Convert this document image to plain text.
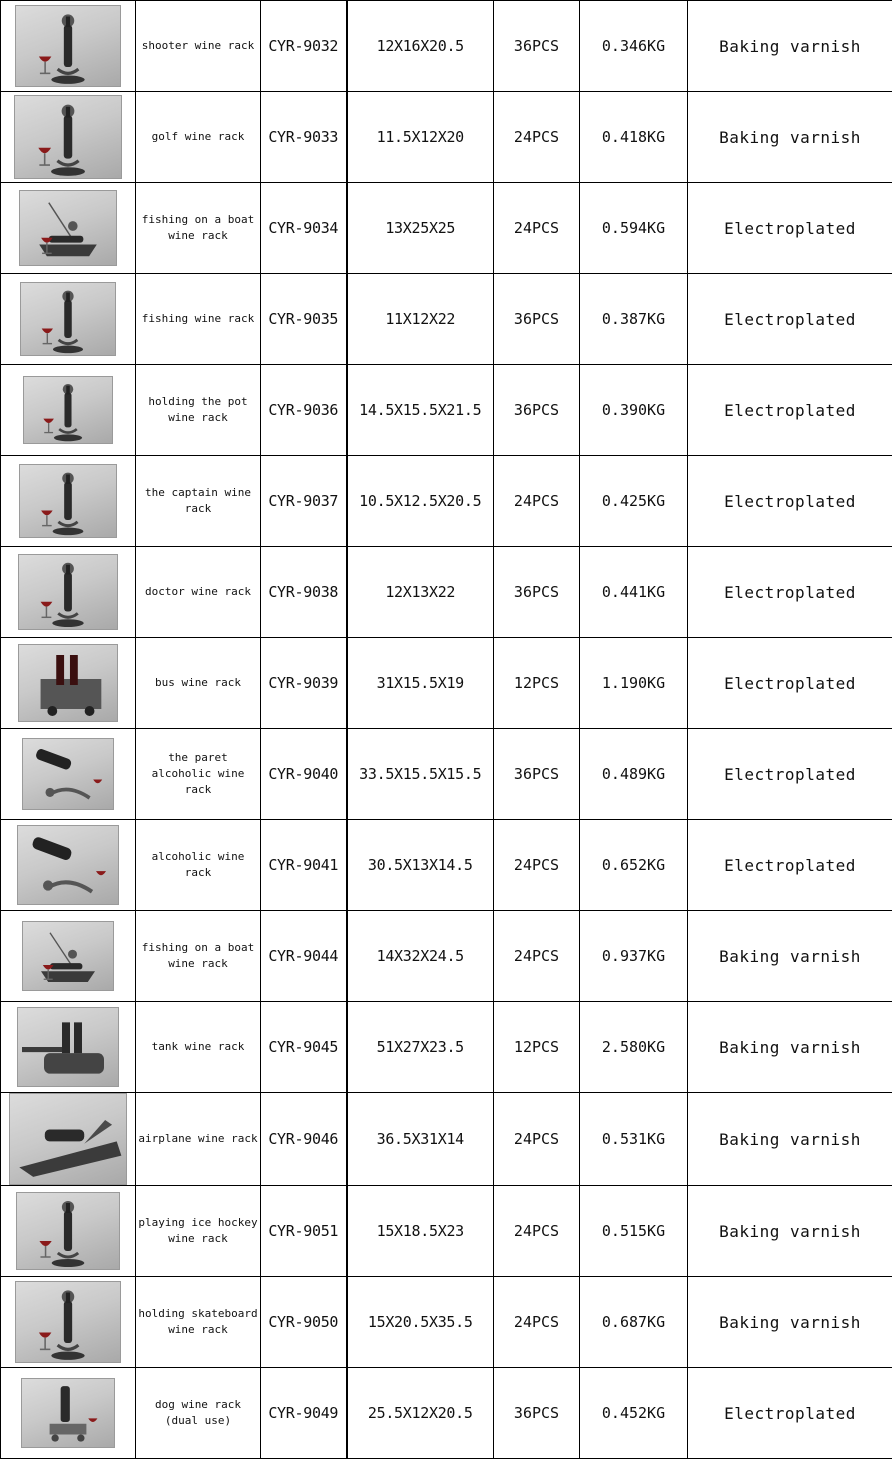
	shooter wine rack	CYR-9032	12X16X20.5	36PCS	0.346KG	Baking varnish

	golf wine rack	CYR-9033	11.5X12X20	24PCS	0.418KG	Baking varnish

	fishing on a boat wine rack	CYR-9034	13X25X25	24PCS	0.594KG	Electroplated

	fishing wine rack	CYR-9035	11X12X22	36PCS	0.387KG	Electroplated

	holding the pot wine rack	CYR-9036	14.5X15.5X21.5	36PCS	0.390KG	Electroplated

	the captain wine rack	CYR-9037	10.5X12.5X20.5	24PCS	0.425KG	Electroplated

	doctor wine rack	CYR-9038	12X13X22	36PCS	0.441KG	Electroplated

	bus wine rack	CYR-9039	31X15.5X19	12PCS	1.190KG	Electroplated

	the paret alcoholic wine rack	CYR-9040	33.5X15.5X15.5	36PCS	0.489KG	Electroplated

	alcoholic wine rack	CYR-9041	30.5X13X14.5	24PCS	0.652KG	Electroplated

	fishing on a boat wine rack	CYR-9044	14X32X24.5	24PCS	0.937KG	Baking varnish

	tank wine rack	CYR-9045	51X27X23.5	12PCS	2.580KG	Baking varnish

	airplane wine rack	CYR-9046	36.5X31X14	24PCS	0.531KG	Baking varnish

	playing ice hockey wine rack	CYR-9051	15X18.5X23	24PCS	0.515KG	Baking varnish

	holding skateboard wine rack	CYR-9050	15X20.5X35.5	24PCS	0.687KG	Baking varnish

	dog wine rack (dual use)	CYR-9049	25.5X12X20.5	36PCS	0.452KG	Electroplated
